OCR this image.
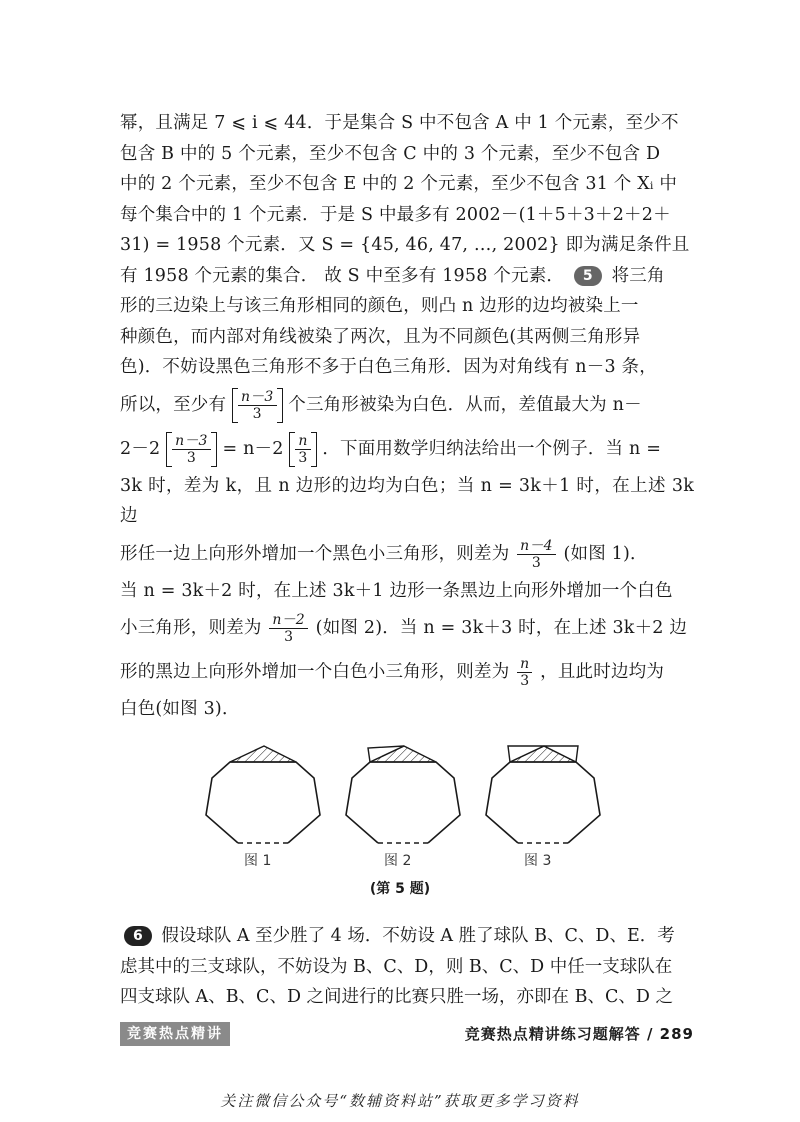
幂，且满足 7 ⩽ i ⩽ 44．于是集合 S 中不包含 A 中 1 个元素，至少不

包含 B 中的 5 个元素，至少不包含 C 中的 3 个元素，至少不包含 D

中的 2 个元素，至少不包含 E 中的 2 个元素，至少不包含 31 个 Xᵢ 中

每个集合中的 1 个元素．于是 S 中最多有 2002－(1＋5＋3＋2＋2＋

31) = 1958 个元素．又 S = {45, 46, 47, …, 2002} 即为满足条件且

有 1958 个元素的集合． 故 S 中至多有 1958 个元素． 5 将三角

形的三边染上与该三角形相同的颜色，则凸 n 边形的边均被染上一

种颜色，而内部对角线被染了两次，且为不同颜色(其两侧三角形异

色)．不妨设黑色三角形不多于白色三角形．因为对角线有 n－3 条，

所以，至少有 $\frac{n-3}{3}$ 个三角形被染为白色．从而，差值最大为 n－

$2-2 \frac{n-3}{3} = n-2 \frac{n}{3}$ ．下面用数学归纳法给出一个例子．当 n =

3k 时，差为 k，且 n 边形的边均为白色；当 n = 3k＋1 时，在上述 3k 边

形任一边上向形外增加一个黑色小三角形，则差为 $\frac{n-4}{3}$ (如图 1)．

当 n = 3k＋2 时，在上述 3k＋1 边形一条黑边上向形外增加一个白色

小三角形，则差为 $\frac{n-2}{3}$ (如图 2)．当 n = 3k＋3 时，在上述 3k＋2 边

形的黑边上向形外增加一个白色小三角形，则差为 $\frac{n}{3}$ ，且此时边均为

白色(如图 3)．

图 1	图 2	图 3
(第 5 题)

6 假设球队 A 至少胜了 4 场．不妨设 A 胜了球队 B、C、D、E．考

虑其中的三支球队，不妨设为 B、C、D，则 B、C、D 中任一支球队在

四支球队 A、B、C、D 之间进行的比赛只胜一场，亦即在 B、C、D 之

竞赛热点精讲	竞赛热点精讲练习题解答 / 289
关注微信公众号“数辅资料站”获取更多学习资料
